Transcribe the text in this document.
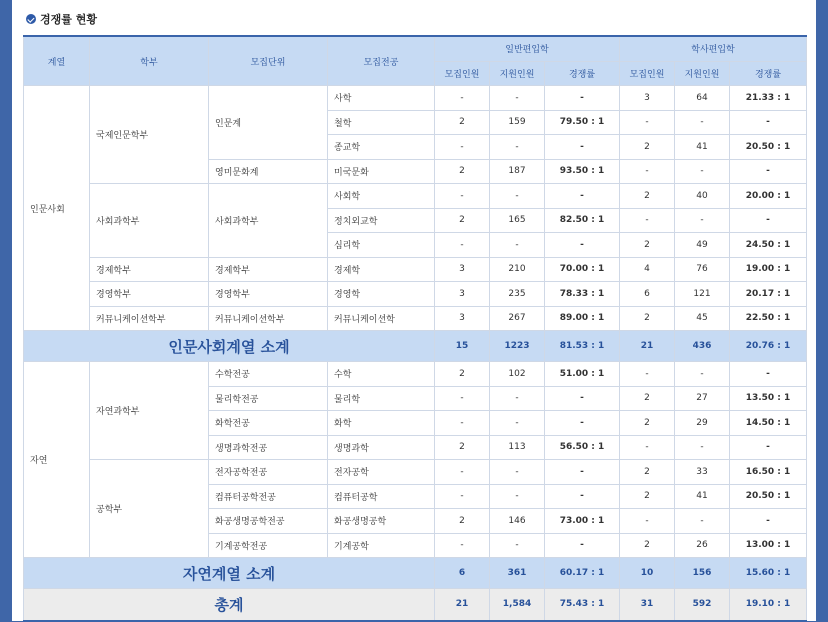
경쟁률 현황
계열	학부	모집단위	모집전공	일반편입학			학사편입학		
				모집인원	지원인원	경쟁률	모집인원	지원인원	경쟁률
인문사회	국제인문학부	인문계	사학	-	-	-	3	64	21.33 : 1
			철학	2	159	79.50 : 1	-	-	-
			종교학	-	-	-	2	41	20.50 : 1
		영미문화계	미국문화	2	187	93.50 : 1	-	-	-
	사회과학부	사회과학부	사회학	-	-	-	2	40	20.00 : 1
			정치외교학	2	165	82.50 : 1	-	-	-
			심리학	-	-	-	2	49	24.50 : 1
	경제학부	경제학부	경제학	3	210	70.00 : 1	4	76	19.00 : 1
	경영학부	경영학부	경영학	3	235	78.33 : 1	6	121	20.17 : 1
	커뮤니케이션학부	커뮤니케이션학부	커뮤니케이션학	3	267	89.00 : 1	2	45	22.50 : 1
인문사회계열 소계				15	1223	81.53 : 1	21	436	20.76 : 1
자연	자연과학부	수학전공	수학	2	102	51.00 : 1	-	-	-
		물리학전공	물리학	-	-	-	2	27	13.50 : 1
		화학전공	화학	-	-	-	2	29	14.50 : 1
		생명과학전공	생명과학	2	113	56.50 : 1	-	-	-
	공학부	전자공학전공	전자공학	-	-	-	2	33	16.50 : 1
		컴퓨터공학전공	컴퓨터공학	-	-	-	2	41	20.50 : 1
		화공생명공학전공	화공생명공학	2	146	73.00 : 1	-	-	-
		기계공학전공	기계공학	-	-	-	2	26	13.00 : 1
자연계열 소계				6	361	60.17 : 1	10	156	15.60 : 1
총계				21	1,584	75.43 : 1	31	592	19.10 : 1
